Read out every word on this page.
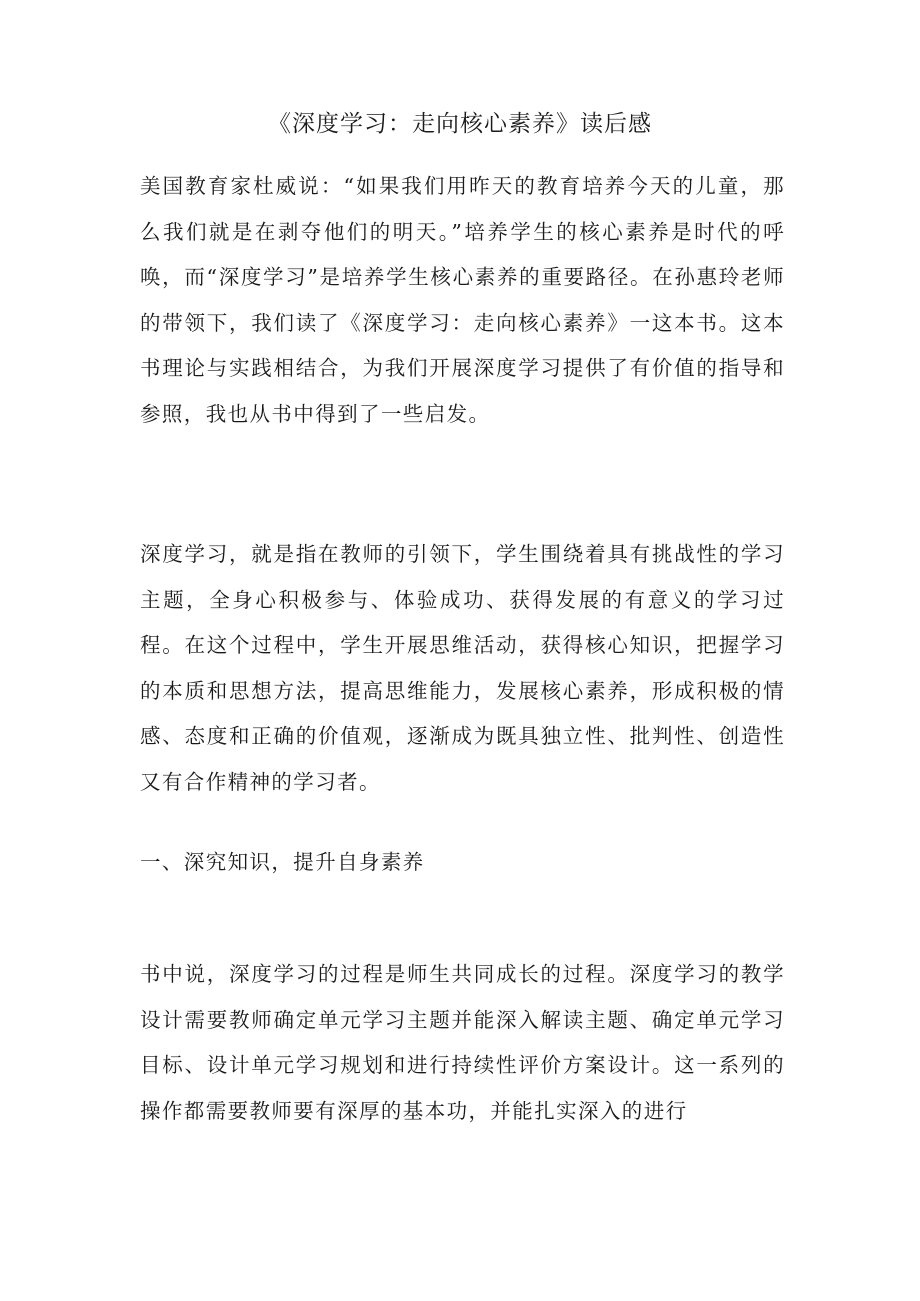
《深度学习：走向核心素养》读后感

美国教育家杜威说：“如果我们用昨天的教育培养今天的儿童，那么我们就是在剥夺他们的明天。”培养学生的核心素养是时代的呼唤，而“深度学习”是培养学生核心素养的重要路径。在孙惠玲老师的带领下，我们读了《深度学习：走向核心素养》一这本书。这本书理论与实践相结合，为我们开展深度学习提供了有价值的指导和参照，我也从书中得到了一些启发。

深度学习，就是指在教师的引领下，学生围绕着具有挑战性的学习主题，全身心积极参与、体验成功、获得发展的有意义的学习过程。在这个过程中，学生开展思维活动，获得核心知识，把握学习的本质和思想方法，提高思维能力，发展核心素养，形成积极的情感、态度和正确的价值观，逐渐成为既具独立性、批判性、创造性又有合作精神的学习者。

一、深究知识，提升自身素养

书中说，深度学习的过程是师生共同成长的过程。深度学习的教学设计需要教师确定单元学习主题并能深入解读主题、确定单元学习目标、设计单元学习规划和进行持续性评价方案设计。这一系列的操作都需要教师要有深厚的基本功，并能扎实深入的进行
